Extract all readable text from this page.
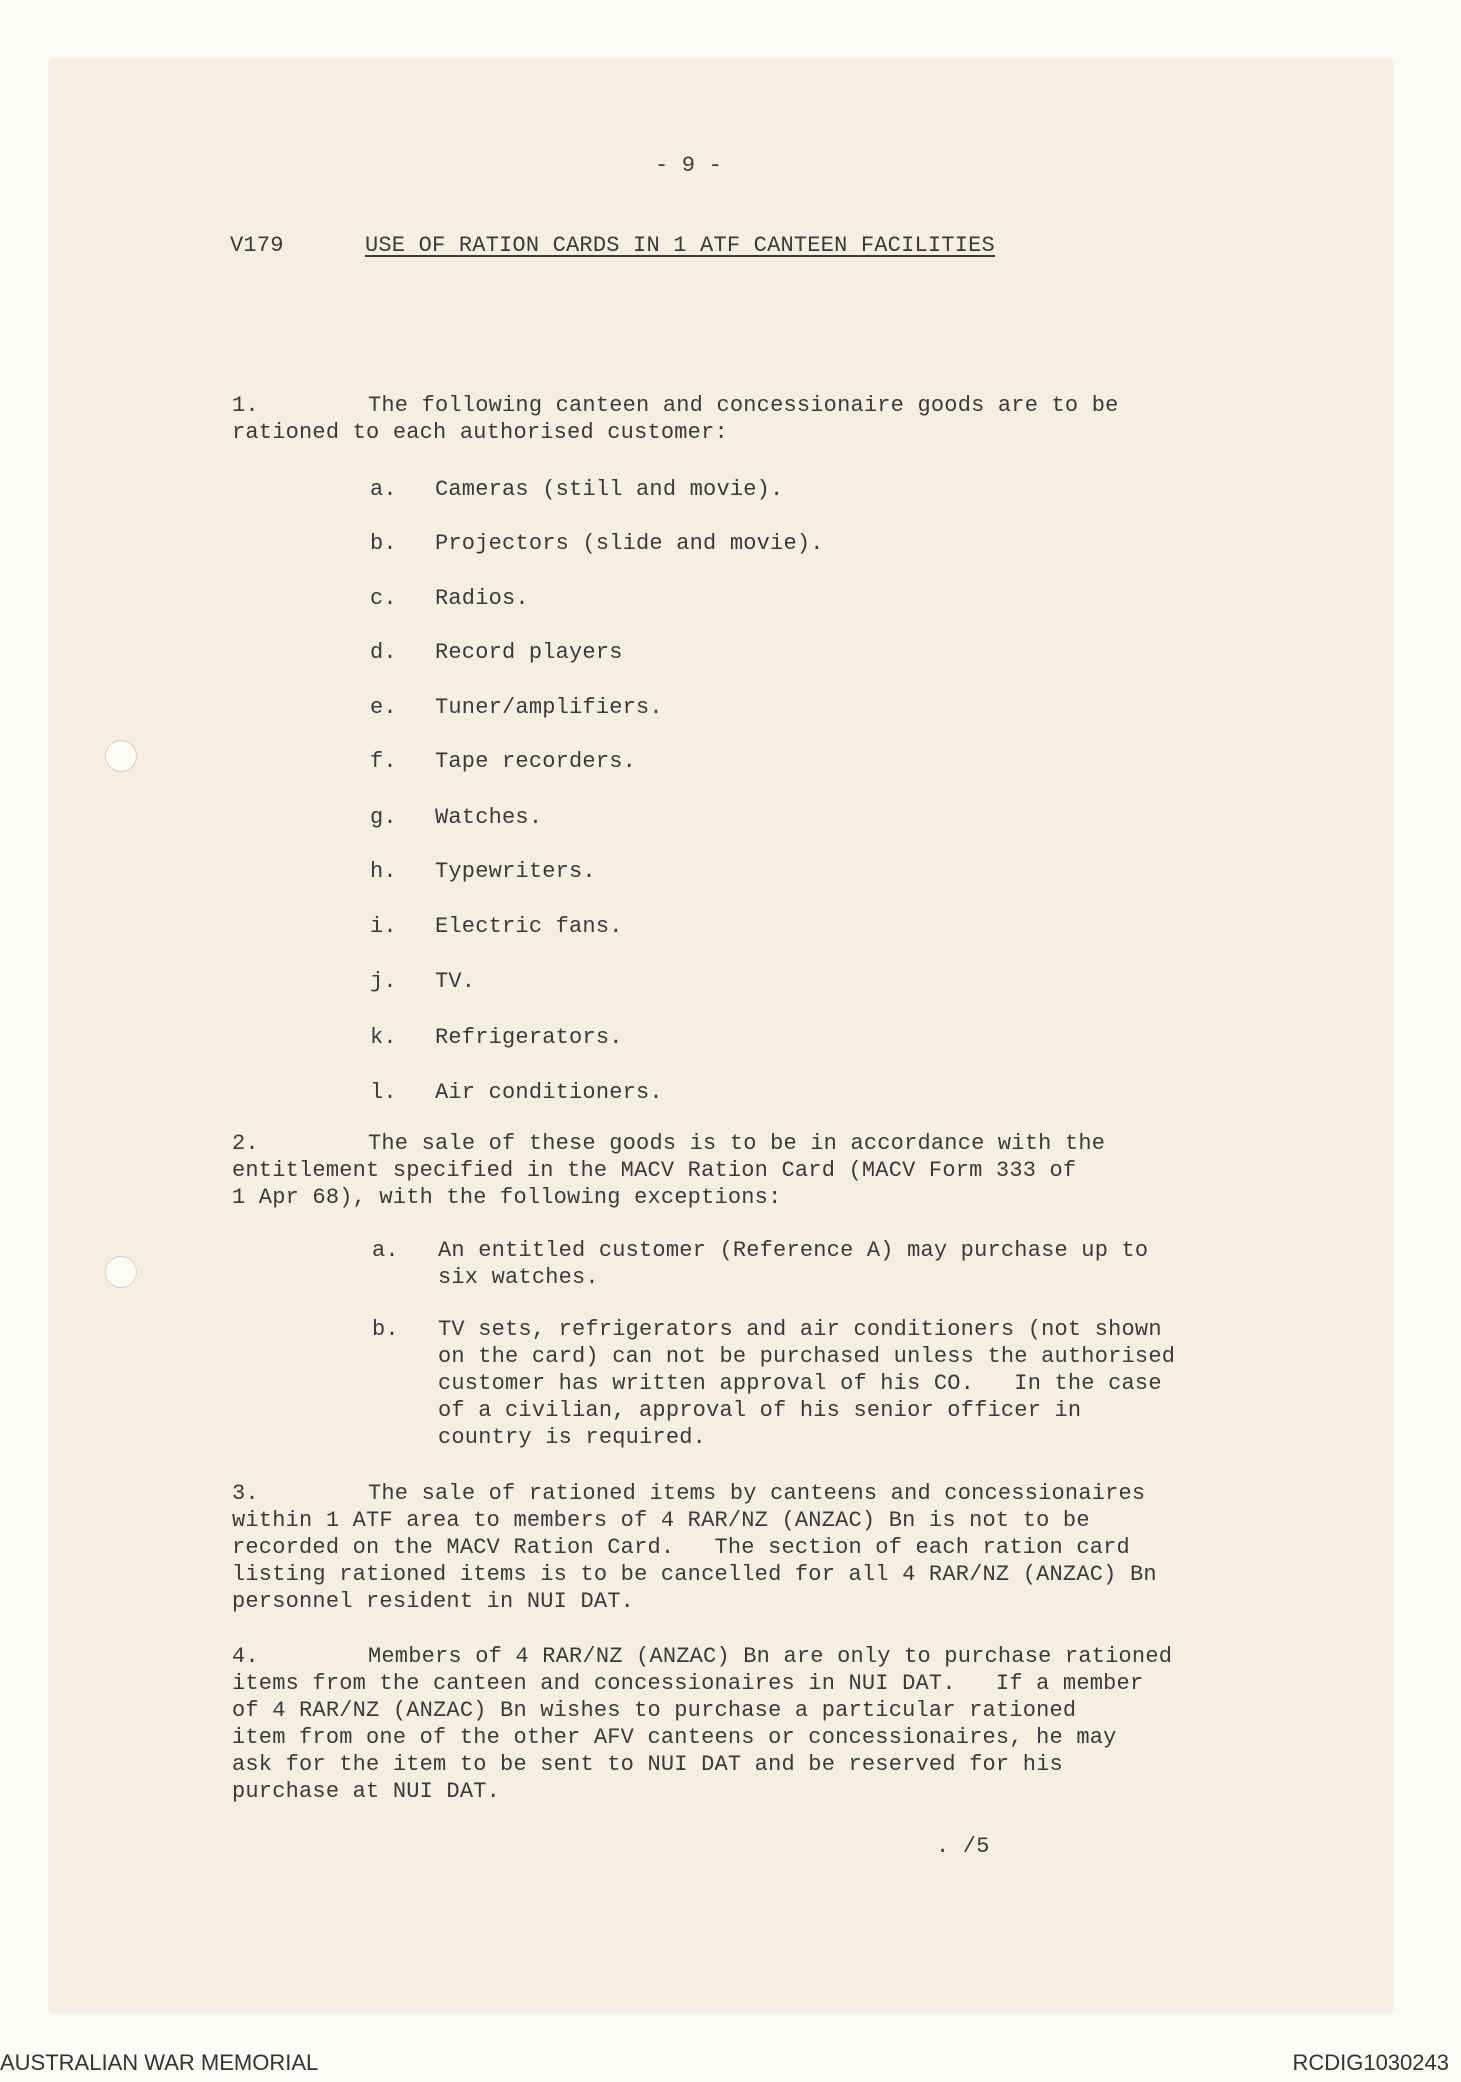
1.	The following canteen and concessionaire goods are to be
rationed to each authorised customer:
a. Cameras (still and movie).
b. Projectors (slide and movie).
c. Radios.
d. Record players
e. Tuner/amplifiers.
f. Tape recorders.
g. Watches.
h. Typewriters.
i. Electric fans.
j. TV.
k. Refrigerators.
l. Air conditioners.
2.	The sale of these goods is to be in accordance with the
entitlement specified in the MACV Ration Card (MACV Form 333 of
1 Apr 68), with the following exceptions:
a. An entitled customer (Reference A) may purchase up to
six watches.
b. TV sets, refrigerators and air conditioners (not shown
on the card) can not be purchased unless the authorised
customer has written approval of his CO.   In the case
of a civilian, approval of his senior officer in
country is required.
3.	The sale of rationed items by canteens and concessionaires
within 1 ATF area to members of 4 RAR/NZ (ANZAC) Bn is not to be
recorded on the MACV Ration Card.   The section of each ration card
listing rationed items is to be cancelled for all 4 RAR/NZ (ANZAC) Bn
personnel resident in NUI DAT.
4.	Members of 4 RAR/NZ (ANZAC) Bn are only to purchase rationed
items from the canteen and concessionaires in NUI DAT.   If a member
of 4 RAR/NZ (ANZAC) Bn wishes to purchase a particular rationed
item from one of the other AFV canteens or concessionaires, he may
ask for the item to be sent to NUI DAT and be reserved for his
purchase at NUI DAT.
- 9 -
V179	USE OF RATION CARDS IN 1 ATF CANTEEN FACILITIES
. /5
AUSTRALIAN WAR MEMORIAL	RCDIG1030243
